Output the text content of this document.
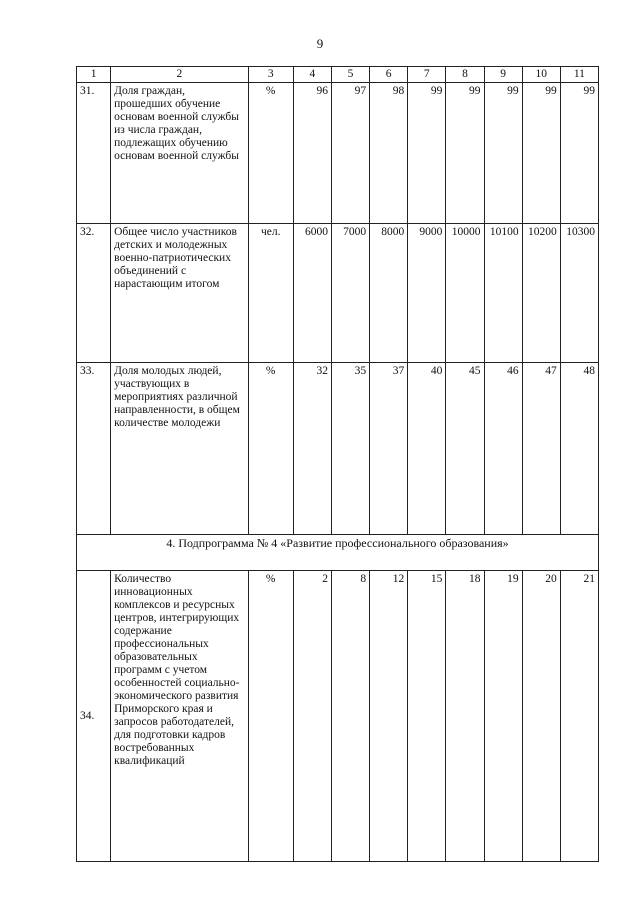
9
1	2	3	4	5	6	7	8	9	10	11
31.	Доля граждан, прошедших обучение основам военной службы из числа граждан, подлежащих обучению основам военной службы	%	96	97	98	99	99	99	99	99
32.	Общее число участников детских и молодежных военно-патриотических объединений с нарастающим итогом	чел.	6000	7000	8000	9000	10000	10100	10200	10300
33.	Доля молодых людей, участвующих в мероприятиях различной направленности, в общем количестве молодежи	%	32	35	37	40	45	46	47	48
4. Подпрограмма № 4 «Развитие профессионального образования»										
34.	Количество инновационных комплексов и ресурсных центров, интегрирующих содержание профессиональных образовательных программ с учетом особенностей социально-экономического развития Приморского края и запросов работодателей, для подготовки кадров востребованных квалификаций	%	2	8	12	15	18	19	20	21
